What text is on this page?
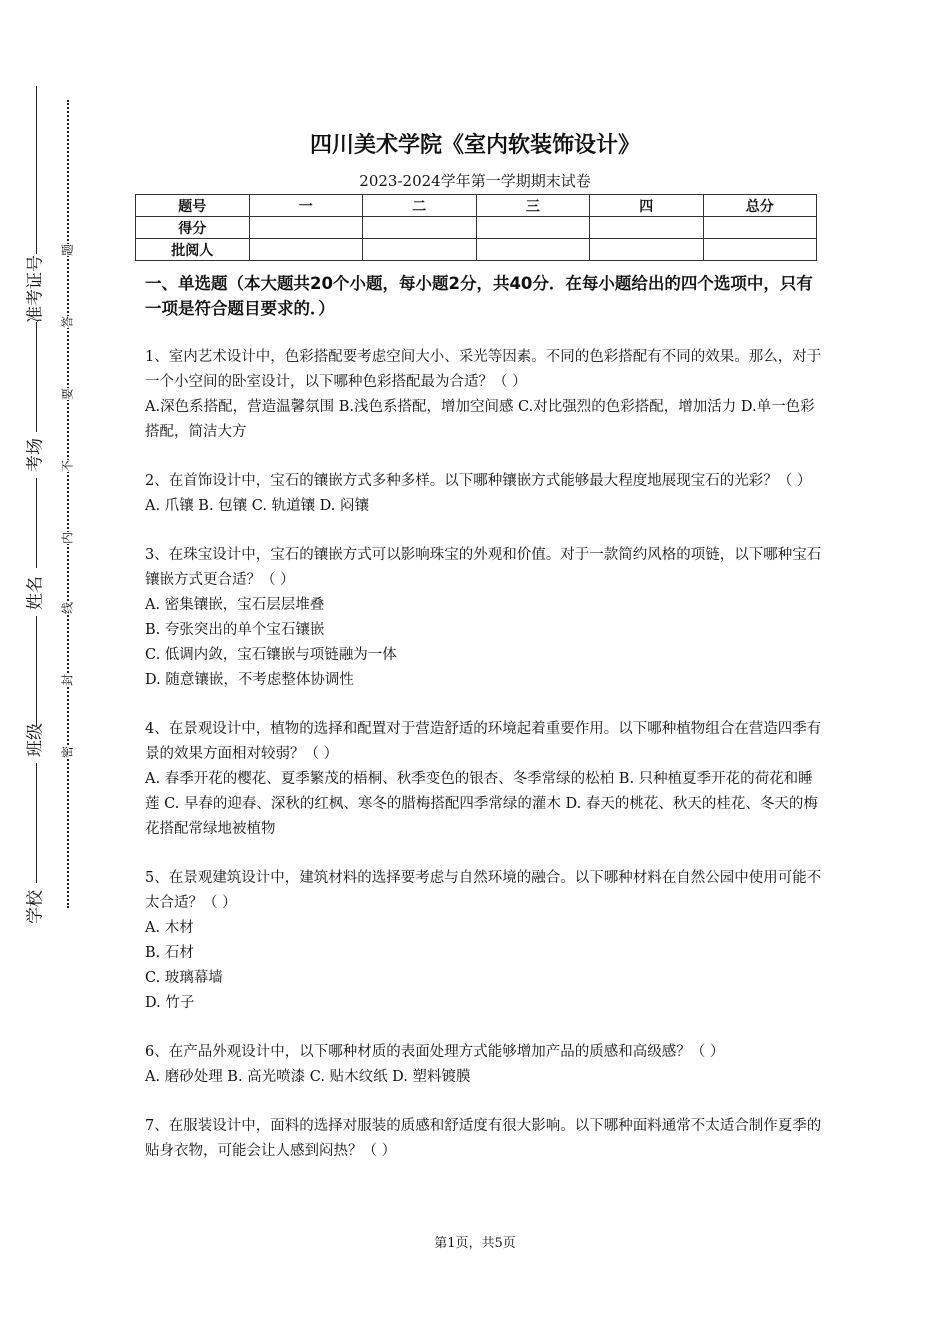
准考证号
考场
姓名
班级
学校
题
答
要
不
内
线
封
密
四川美术学院《室内软装饰设计》
2023-2024学年第一学期期末试卷
题号	一	二	三	四	总分
得分					
批阅人					
一、单选题（本大题共20个小题，每小题2分，共40分．在每小题给出的四个选项中，只有一项是符合题目要求的．）

1、室内艺术设计中，色彩搭配要考虑空间大小、采光等因素。不同的色彩搭配有不同的效果。那么，对于一个小空间的卧室设计，以下哪种色彩搭配最为合适？（ ）

A.深色系搭配，营造温馨氛围 B.浅色系搭配，增加空间感 C.对比强烈的色彩搭配，增加活力 D.单一色彩搭配，简洁大方

2、在首饰设计中，宝石的镶嵌方式多种多样。以下哪种镶嵌方式能够最大程度地展现宝石的光彩？（ ）

A. 爪镶 B. 包镶 C. 轨道镶 D. 闷镶

3、在珠宝设计中，宝石的镶嵌方式可以影响珠宝的外观和价值。对于一款简约风格的项链，以下哪种宝石镶嵌方式更合适？（ ）

A. 密集镶嵌，宝石层层堆叠

B. 夸张突出的单个宝石镶嵌

C. 低调内敛，宝石镶嵌与项链融为一体

D. 随意镶嵌，不考虑整体协调性

4、在景观设计中，植物的选择和配置对于营造舒适的环境起着重要作用。以下哪种植物组合在营造四季有景的效果方面相对较弱？（ ）

A. 春季开花的樱花、夏季繁茂的梧桐、秋季变色的银杏、冬季常绿的松柏 B. 只种植夏季开花的荷花和睡莲 C. 早春的迎春、深秋的红枫、寒冬的腊梅搭配四季常绿的灌木 D. 春天的桃花、秋天的桂花、冬天的梅花搭配常绿地被植物

5、在景观建筑设计中，建筑材料的选择要考虑与自然环境的融合。以下哪种材料在自然公园中使用可能不太合适？（ ）

A. 木材

B. 石材

C. 玻璃幕墙

D. 竹子

6、在产品外观设计中，以下哪种材质的表面处理方式能够增加产品的质感和高级感？（ ）

A. 磨砂处理 B. 高光喷漆 C. 贴木纹纸 D. 塑料镀膜

7、在服装设计中，面料的选择对服装的质感和舒适度有很大影响。以下哪种面料通常不太适合制作夏季的贴身衣物，可能会让人感到闷热？（ ）

第1页，共5页
